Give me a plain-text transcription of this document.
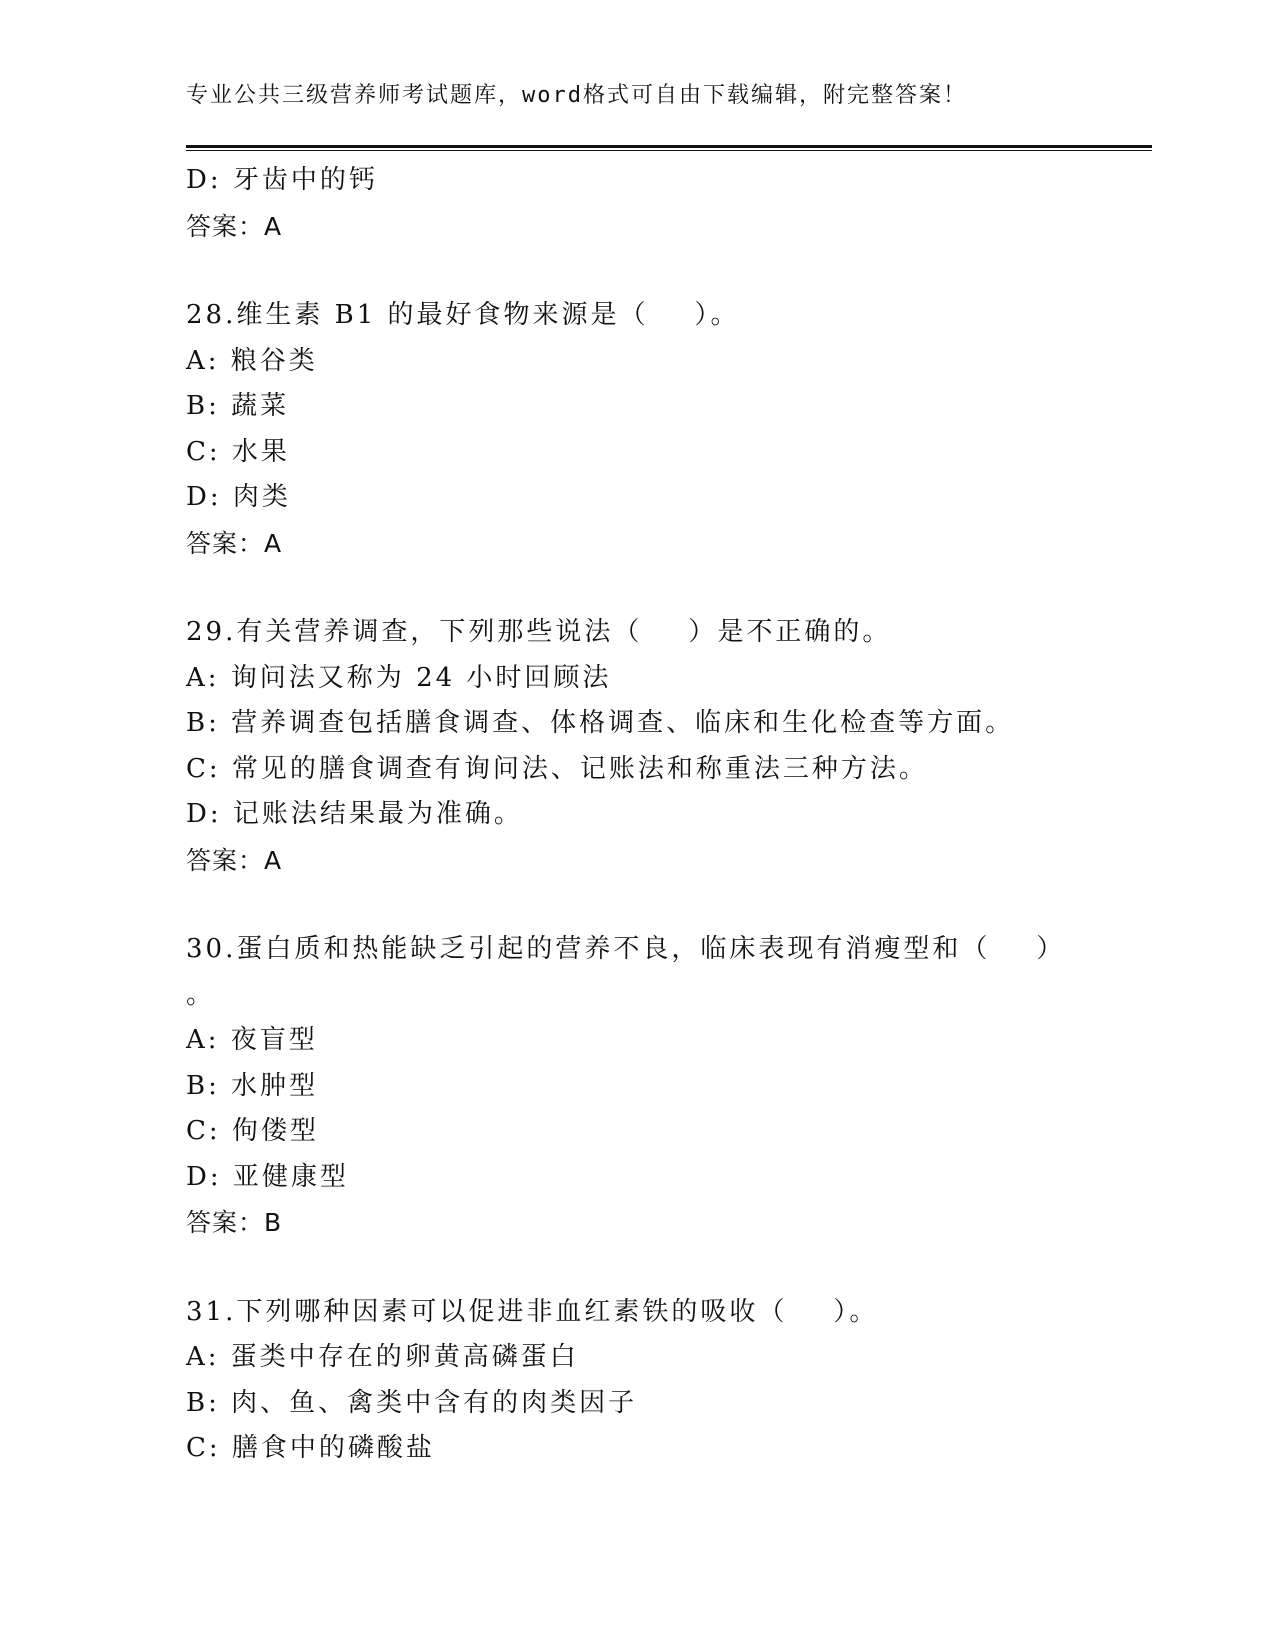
专业公共三级营养师考试题库，word格式可自由下载编辑，附完整答案！
D: 牙齿中的钙
答案：A
28.维生素 B1 的最好食物来源是（ ）。
A: 粮谷类
B: 蔬菜
C: 水果
D: 肉类
答案：A
29.有关营养调查，下列那些说法（ ）是不正确的。
A: 询问法又称为 24 小时回顾法
B: 营养调查包括膳食调查、体格调查、临床和生化检查等方面。
C: 常见的膳食调查有询问法、记账法和称重法三种方法。
D: 记账法结果最为准确。
答案：A
30.蛋白质和热能缺乏引起的营养不良，临床表现有消瘦型和（ ）
。
A: 夜盲型
B: 水肿型
C: 佝偻型
D: 亚健康型
答案：B
31.下列哪种因素可以促进非血红素铁的吸收（ ）。
A: 蛋类中存在的卵黄高磷蛋白
B: 肉、鱼、禽类中含有的肉类因子
C: 膳食中的磷酸盐
